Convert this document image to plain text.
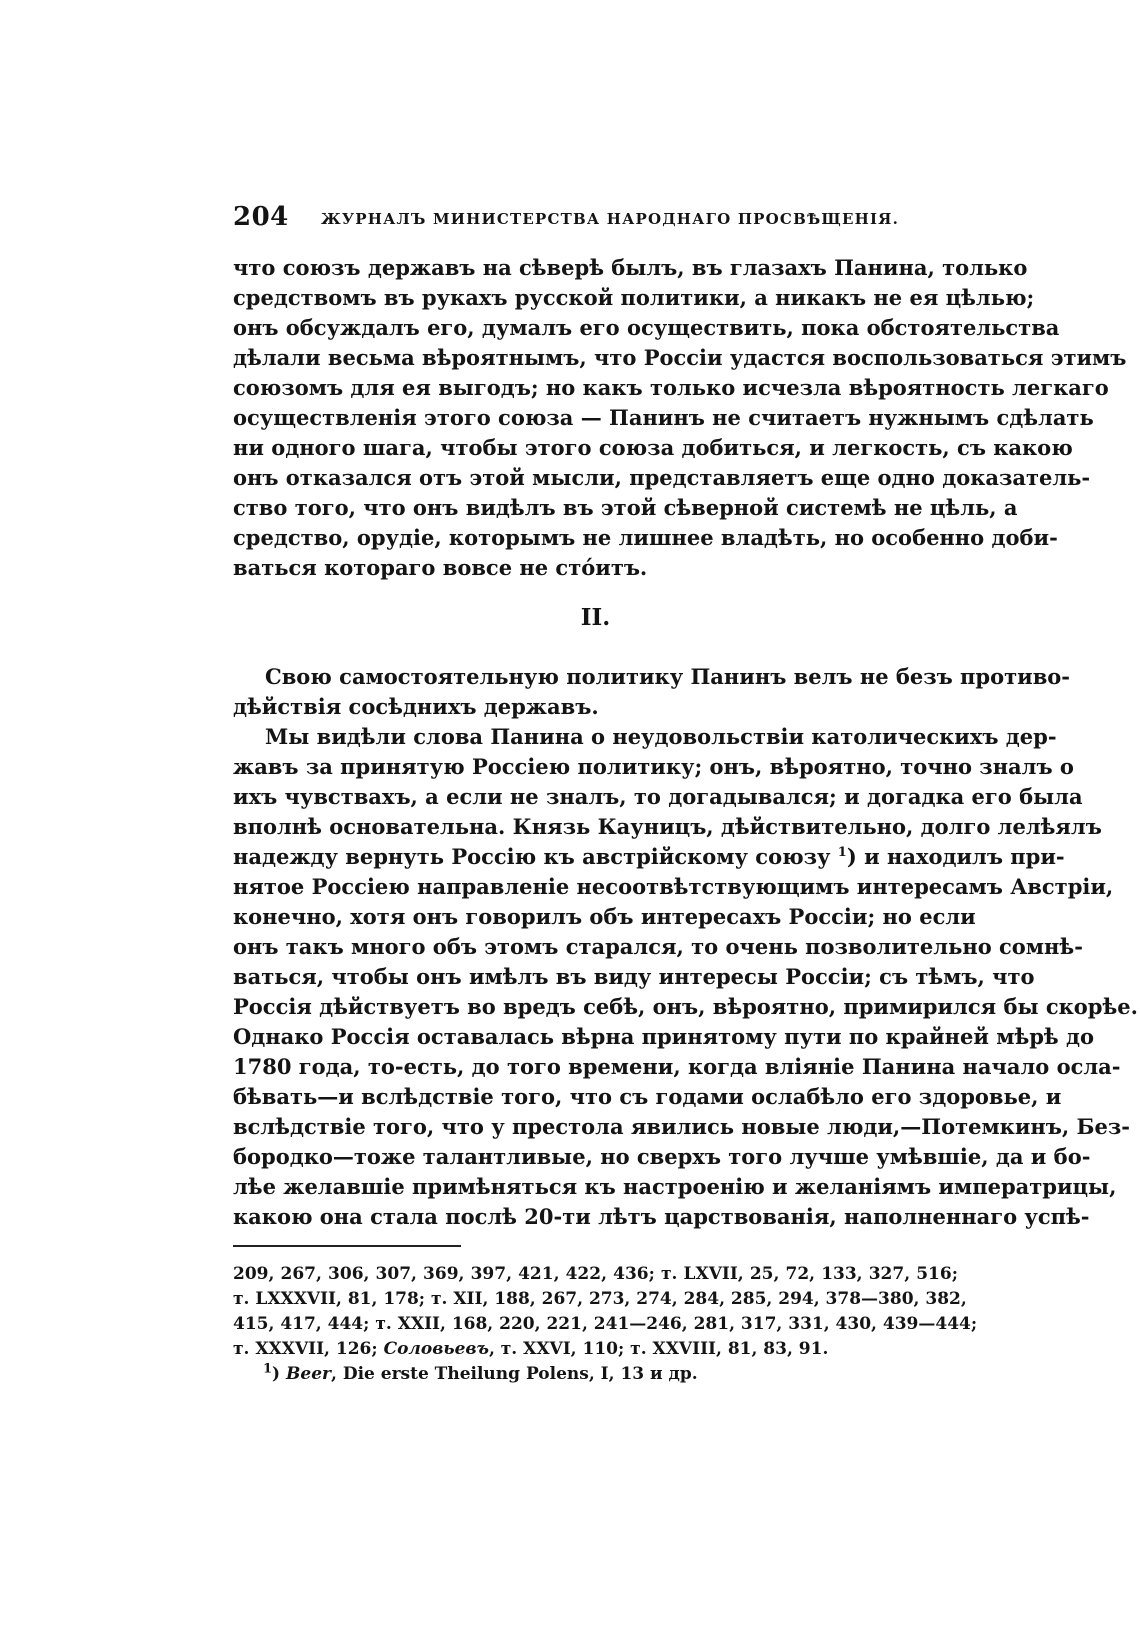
204 ЖУРНАЛЪ МИНИСТЕРСТВА НАРОДНАГО ПРОСВѢЩЕНІЯ.
что союзъ державъ на сѣверѣ былъ, въ глазахъ Панина, только
средствомъ въ рукахъ русской политики, а никакъ не ея цѣлью;
онъ обсуждалъ его, думалъ его осуществить, пока обстоятельства
дѣлали весьма вѣроятнымъ, что Россіи удастся воспользоваться этимъ
союзомъ для ея выгодъ; но какъ только исчезла вѣроятность легкаго
осуществленія этого союза — Панинъ не считаетъ нужнымъ сдѣлать
ни одного шага, чтобы этого союза добиться, и легкость, съ какою
онъ отказался отъ этой мысли, представляетъ еще одно доказатель-
ство того, что онъ видѣлъ въ этой сѣверной системѣ не цѣль, а
средство, орудіе, которымъ не лишнее владѣть, но особенно доби-
ваться котораго вовсе не стóитъ.
II.
Свою самостоятельную политику Панинъ велъ не безъ противо-
дѣйствія сосѣднихъ державъ.
Мы видѣли слова Панина о неудовольствіи католическихъ дер-
жавъ за принятую Россіею политику; онъ, вѣроятно, точно зналъ о
ихъ чувствахъ, а если не зналъ, то догадывался; и догадка его была
вполнѣ основательна. Князь Кауницъ, дѣйствительно, долго лелѣялъ
надежду вернуть Россію къ австрійскому союзу $^1$) и находилъ при-
нятое Россіею направленіе несоотвѣтствующимъ интересамъ Австріи,
конечно, хотя онъ говорилъ объ интересахъ Россіи; но если
онъ такъ много объ этомъ старался, то очень позволительно сомнѣ-
ваться, чтобы онъ имѣлъ въ виду интересы Россіи; съ тѣмъ, что
Россія дѣйствуетъ во вредъ себѣ, онъ, вѣроятно, примирился бы скорѣе.
Однако Россія оставалась вѣрна принятому пути по крайней мѣрѣ до
1780 года, то-есть, до того времени, когда вліяніе Панина начало осла-
бѣвать—и вслѣдствіе того, что съ годами ослабѣло его здоровье, и
вслѣдствіе того, что у престола явились новые люди,—Потемкинъ, Без-
бородко—тоже талантливые, но сверхъ того лучше умѣвшіе, да и бо-
лѣе желавшіе примѣняться къ настроенію и желаніямъ императрицы,
какою она стала послѣ 20-ти лѣтъ царствованія, наполненнаго успѣ-
209, 267, 306, 307, 369, 397, 421, 422, 436; т. LXVII, 25, 72, 133, 327, 516;
т. LXXXVII, 81, 178; т. XII, 188, 267, 273, 274, 284, 285, 294, 378—380, 382,
415, 417, 444; т. XXII, 168, 220, 221, 241—246, 281, 317, 331, 430, 439—444;
т. XXXVII, 126; Соловьевъ, т. XXVI, 110; т. XXVIII, 81, 83, 91.
$^1$) Beer, Die erste Theilung Polens, I, 13 и др.
